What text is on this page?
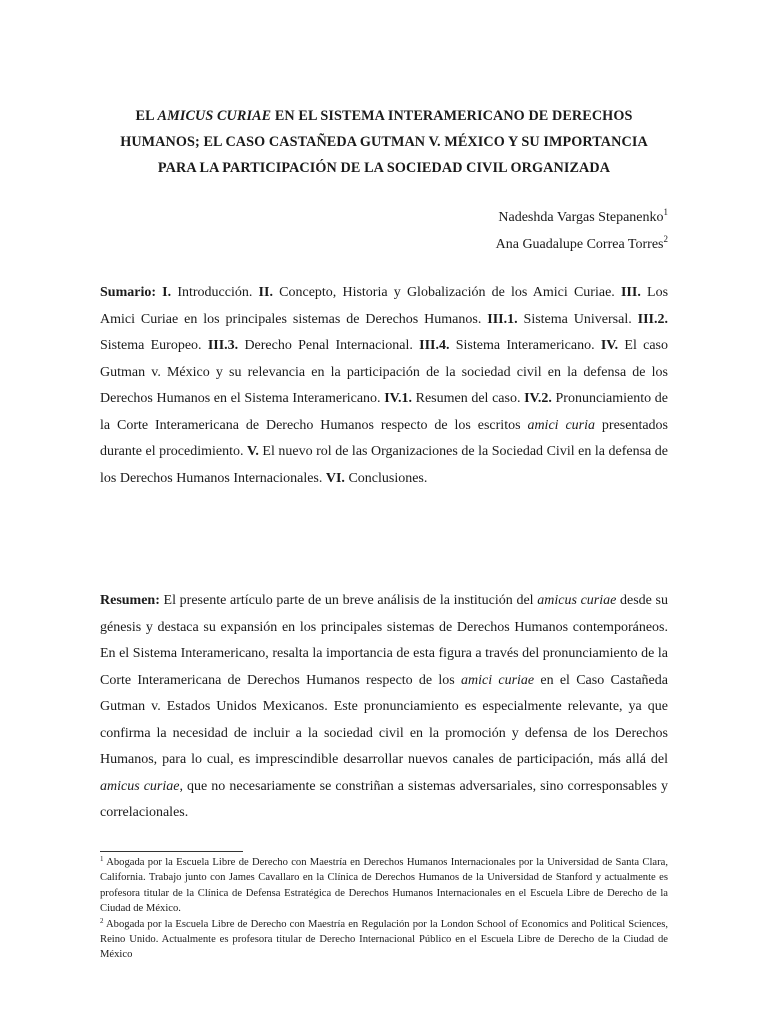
EL AMICUS CURIAE EN EL SISTEMA INTERAMERICANO DE DERECHOS HUMANOS; EL CASO CASTAÑEDA GUTMAN V. MÉXICO Y SU IMPORTANCIA PARA LA PARTICIPACIÓN DE LA SOCIEDAD CIVIL ORGANIZADA
Nadeshda Vargas Stepanenko$^1$
Ana Guadalupe Correa Torres$^2$
Sumario: I. Introducción. II. Concepto, Historia y Globalización de los Amici Curiae. III. Los Amici Curiae en los principales sistemas de Derechos Humanos. III.1. Sistema Universal. III.2. Sistema Europeo. III.3. Derecho Penal Internacional. III.4. Sistema Interamericano. IV. El caso Gutman v. México y su relevancia en la participación de la sociedad civil en la defensa de los Derechos Humanos en el Sistema Interamericano. IV.1. Resumen del caso. IV.2. Pronunciamiento de la Corte Interamericana de Derecho Humanos respecto de los escritos amici curia presentados durante el procedimiento. V. El nuevo rol de las Organizaciones de la Sociedad Civil en la defensa de los Derechos Humanos Internacionales. VI. Conclusiones.
Resumen: El presente artículo parte de un breve análisis de la institución del amicus curiae desde su génesis y destaca su expansión en los principales sistemas de Derechos Humanos contemporáneos. En el Sistema Interamericano, resalta la importancia de esta figura a través del pronunciamiento de la Corte Interamericana de Derechos Humanos respecto de los amici curiae en el Caso Castañeda Gutman v. Estados Unidos Mexicanos. Este pronunciamiento es especialmente relevante, ya que confirma la necesidad de incluir a la sociedad civil en la promoción y defensa de los Derechos Humanos, para lo cual, es imprescindible desarrollar nuevos canales de participación, más allá del amicus curiae, que no necesariamente se constriñan a sistemas adversariales, sino corresponsables y correlacionales.

$^1$ Abogada por la Escuela Libre de Derecho con Maestría en Derechos Humanos Internacionales por la Universidad de Santa Clara, California. Trabajo junto con James Cavallaro en la Clínica de Derechos Humanos de la Universidad de Stanford y actualmente es profesora titular de la Clínica de Defensa Estratégica de Derechos Humanos Internacionales en el Escuela Libre de Derecho de la Ciudad de México.

$^2$ Abogada por la Escuela Libre de Derecho con Maestría en Regulación por la London School of Economics and Political Sciences, Reino Unido. Actualmente es profesora titular de Derecho Internacional Público en el Escuela Libre de Derecho de la Ciudad de México
